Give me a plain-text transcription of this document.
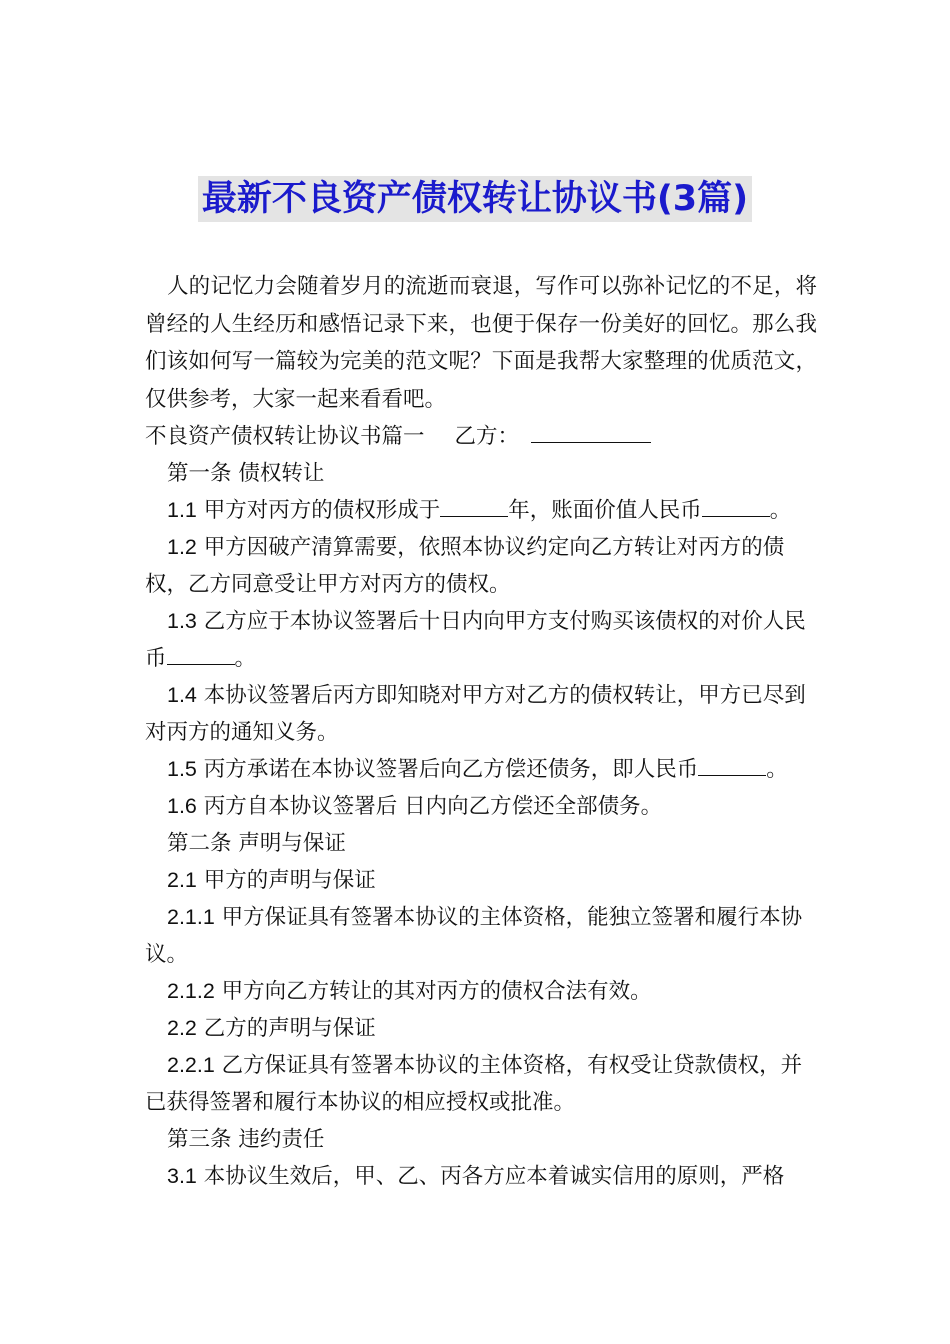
最新不良资产债权转让协议书(3篇)

人的记忆力会随着岁月的流逝而衰退，写作可以弥补记忆的不足，将曾经的人生经历和感悟记录下来，也便于保存一份美好的回忆。那么我们该如何写一篇较为完美的范文呢？下面是我帮大家整理的优质范文，仅供参考，大家一起来看看吧。

不良资产债权转让协议书篇一 乙方：

第一条 债权转让

1.1 甲方对丙方的债权形成于	年，账面价值人民币	。

1.2 甲方因破产清算需要，依照本协议约定向乙方转让对丙方的债权，乙方同意受让甲方对丙方的债权。

1.3 乙方应于本协议签署后十日内向甲方支付购买该债权的对价人民币	。

1.4 本协议签署后丙方即知晓对甲方对乙方的债权转让，甲方已尽到对丙方的通知义务。

1.5 丙方承诺在本协议签署后向乙方偿还债务，即人民币	。

1.6 丙方自本协议签署后 日内向乙方偿还全部债务。

第二条 声明与保证

2.1 甲方的声明与保证

2.1.1 甲方保证具有签署本协议的主体资格，能独立签署和履行本协议。

2.1.2 甲方向乙方转让的其对丙方的债权合法有效。

2.2 乙方的声明与保证

2.2.1 乙方保证具有签署本协议的主体资格，有权受让贷款债权，并已获得签署和履行本协议的相应授权或批准。

第三条 违约责任

3.1 本协议生效后，甲、乙、丙各方应本着诚实信用的原则，严格
